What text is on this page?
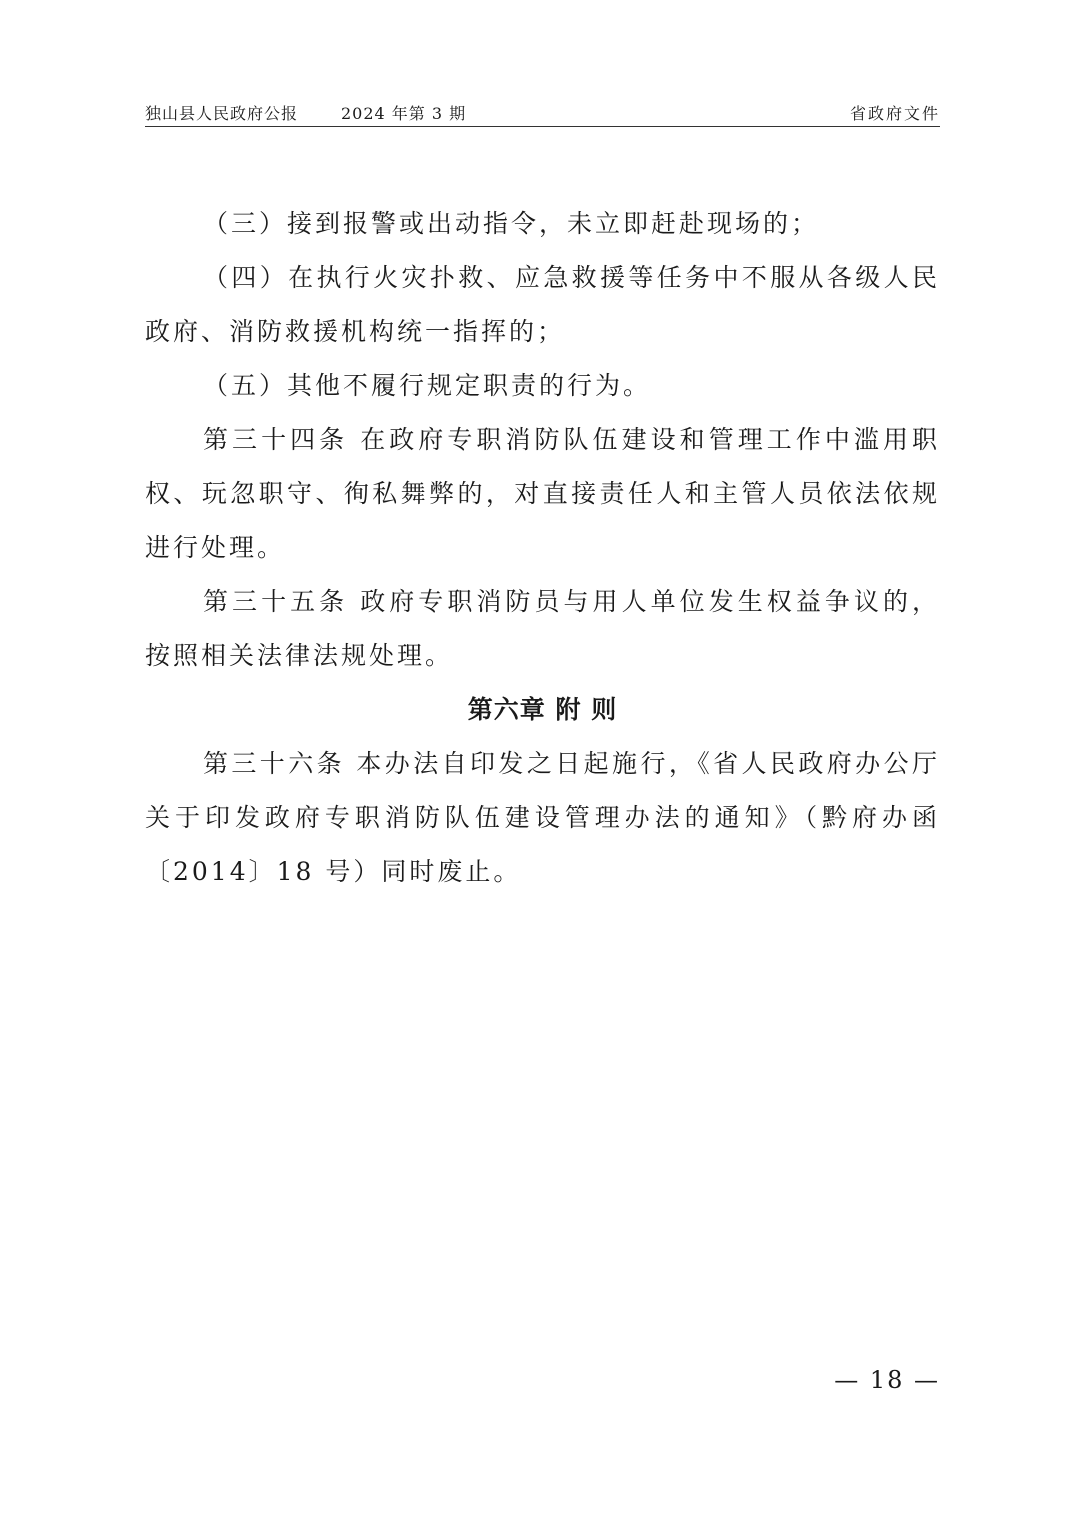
独山县人民政府公报	2024 年第 3 期	省政府文件

（三）接到报警或出动指令，未立即赶赴现场的；

（四）在执行火灾扑救、应急救援等任务中不服从各级人民政府、消防救援机构统一指挥的；

（五）其他不履行规定职责的行为。

第三十四条 在政府专职消防队伍建设和管理工作中滥用职权、玩忽职守、徇私舞弊的，对直接责任人和主管人员依法依规进行处理。

第三十五条 政府专职消防员与用人单位发生权益争议的，按照相关法律法规处理。

第六章 附 则

第三十六条 本办法自印发之日起施行，《省人民政府办公厅关于印发政府专职消防队伍建设管理办法的通知》（黔府办函〔2014〕18 号）同时废止。

— 18 —
